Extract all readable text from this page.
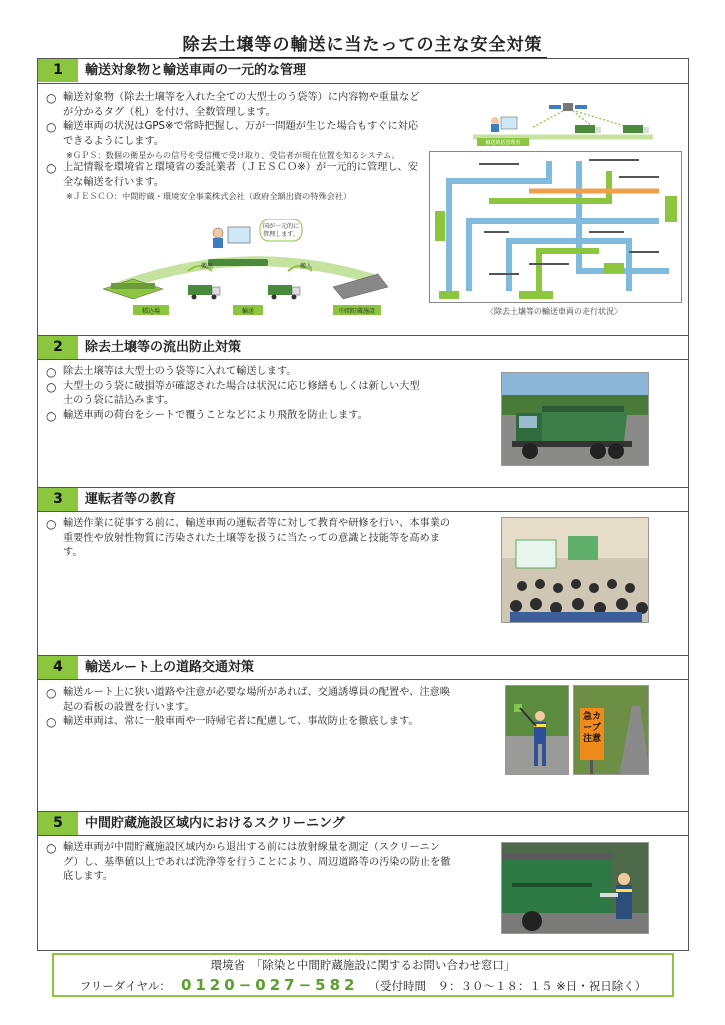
除去土壌等の輸送に当たっての主な安全対策
1	輸送対象物と輸送車両の一元的な管理
○ 輸送対象物（除去土壌等を入れた全ての大型土のう袋等）に内容物や重量などが分かるタグ（札）を付け、全数管理します。
○ 輸送車両の状況はGPS※で常時把握し、万が一問題が生じた場合もすぐに対応できるようにします。
※ＧＰＳ：数個の衛星からの信号を受信機で受け取り、受信者が現在位置を知るシステム。
○ 上記情報を環境省と環境省の委託業者（ＪＥＳＣＯ※）が一元的に管理し、安全な輸送を行います。
※ＪＥＳＣＯ：中間貯蔵・環境安全事業株式会社（政府全額出資の特殊会社）
国が一元的に
管理します。
輸送統括管理者
搬出	搬入
積込場	輸送	中間貯蔵施設
輸送統括管理者
〈除去土壌等の輸送車両の走行状況〉
2	除去土壌等の流出防止対策
○ 除去土壌等は大型土のう袋等に入れて輸送します。
○ 大型土のう袋に破損等が確認された場合は状況に応じ修繕もしくは新しい大型土のう袋に詰込みます。
○ 輸送車両の荷台をシートで覆うことなどにより飛散を防止します。
3	運転者等の教育
○ 輸送作業に従事する前に、輸送車両の運転者等に対して教育や研修を行い、本事業の重要性や放射性物質に汚染された土壌等を扱うに当たっての意識と技能等を高めます。
4	輸送ルート上の道路交通対策
○ 輸送ルート上に狭い道路や注意が必要な場所があれば、交通誘導員の配置や、注意喚起の看板の設置を行います。
○ 輸送車両は、常に一般車両や一時帰宅者に配慮して、事故防止を徹底します。	急カーブ注意
5	中間貯蔵施設区域内におけるスクリーニング
○ 輸送車両が中間貯蔵施設区域内から退出する前には放射線量を測定（スクリーニング）し、基準値以上であれば洗浄等を行うことにより、周辺道路等の汚染の防止を徹底します。
環境省　「除染と中間貯蔵施設に関するお問い合わせ窓口」
フリーダイヤル： 0120−027−582 （受付時間　９：３０〜１８：１５ ※日・祝日除く）
